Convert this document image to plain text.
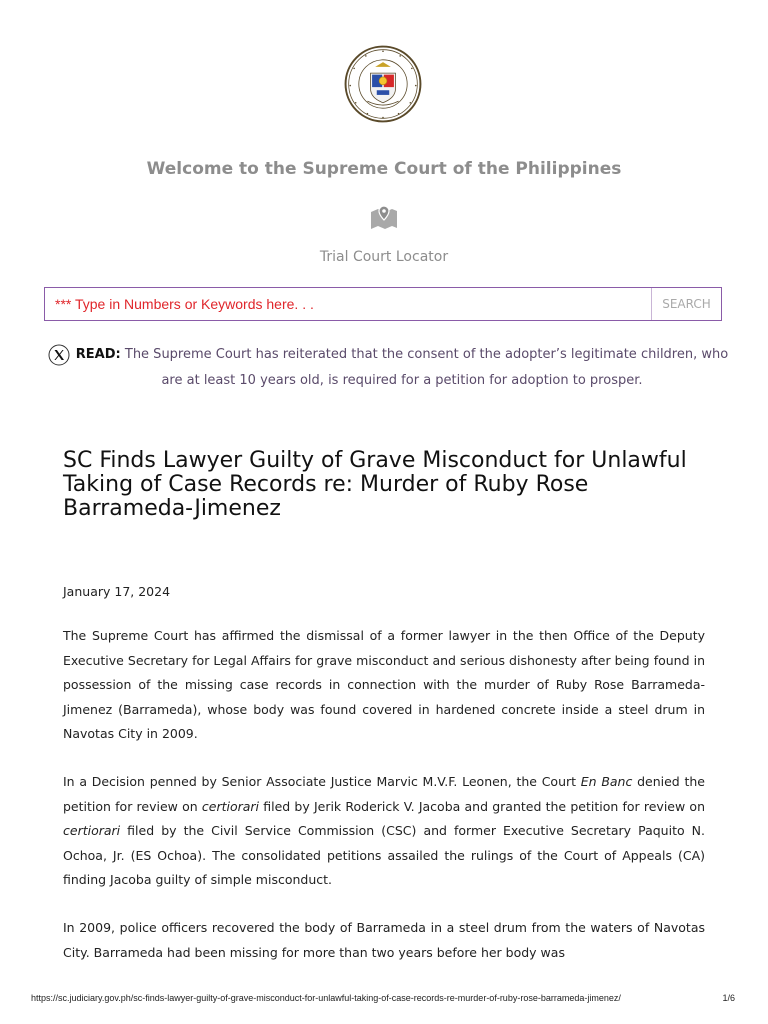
Welcome to the Supreme Court of the Philippines
Trial Court Locator
*** Type in Numbers or Keywords here. . .
SEARCH
READ: The Supreme Court has reiterated that the consent of the adopter’s legitimate children, who
are at least 10 years old, is required for a petition for adoption to prosper.
SC Finds Lawyer Guilty of Grave Misconduct for Unlawful Taking of Case Records re: Murder of Ruby Rose Barrameda-Jimenez
January 17, 2024

The Supreme Court has affirmed the dismissal of a former lawyer in the then Office of the Deputy Executive Secretary for Legal Affairs for grave misconduct and serious dishonesty after being found in possession of the missing case records in connection with the murder of Ruby Rose Barrameda-Jimenez (Barrameda), whose body was found covered in hardened concrete inside a steel drum in Navotas City in 2009.

In a Decision penned by Senior Associate Justice Marvic M.V.F. Leonen, the Court En Banc denied the petition for review on certiorari filed by Jerik Roderick V. Jacoba and granted the petition for review on certiorari filed by the Civil Service Commission (CSC) and former Executive Secretary Paquito N. Ochoa, Jr. (ES Ochoa). The consolidated petitions assailed the rulings of the Court of Appeals (CA) finding Jacoba guilty of simple misconduct.

In 2009, police officers recovered the body of Barrameda in a steel drum from the waters of Navotas City. Barrameda had been missing for more than two years before her body was

https://sc.judiciary.gov.ph/sc-finds-lawyer-guilty-of-grave-misconduct-for-unlawful-taking-of-case-records-re-murder-of-ruby-rose-barrameda-jimenez/	1/6
